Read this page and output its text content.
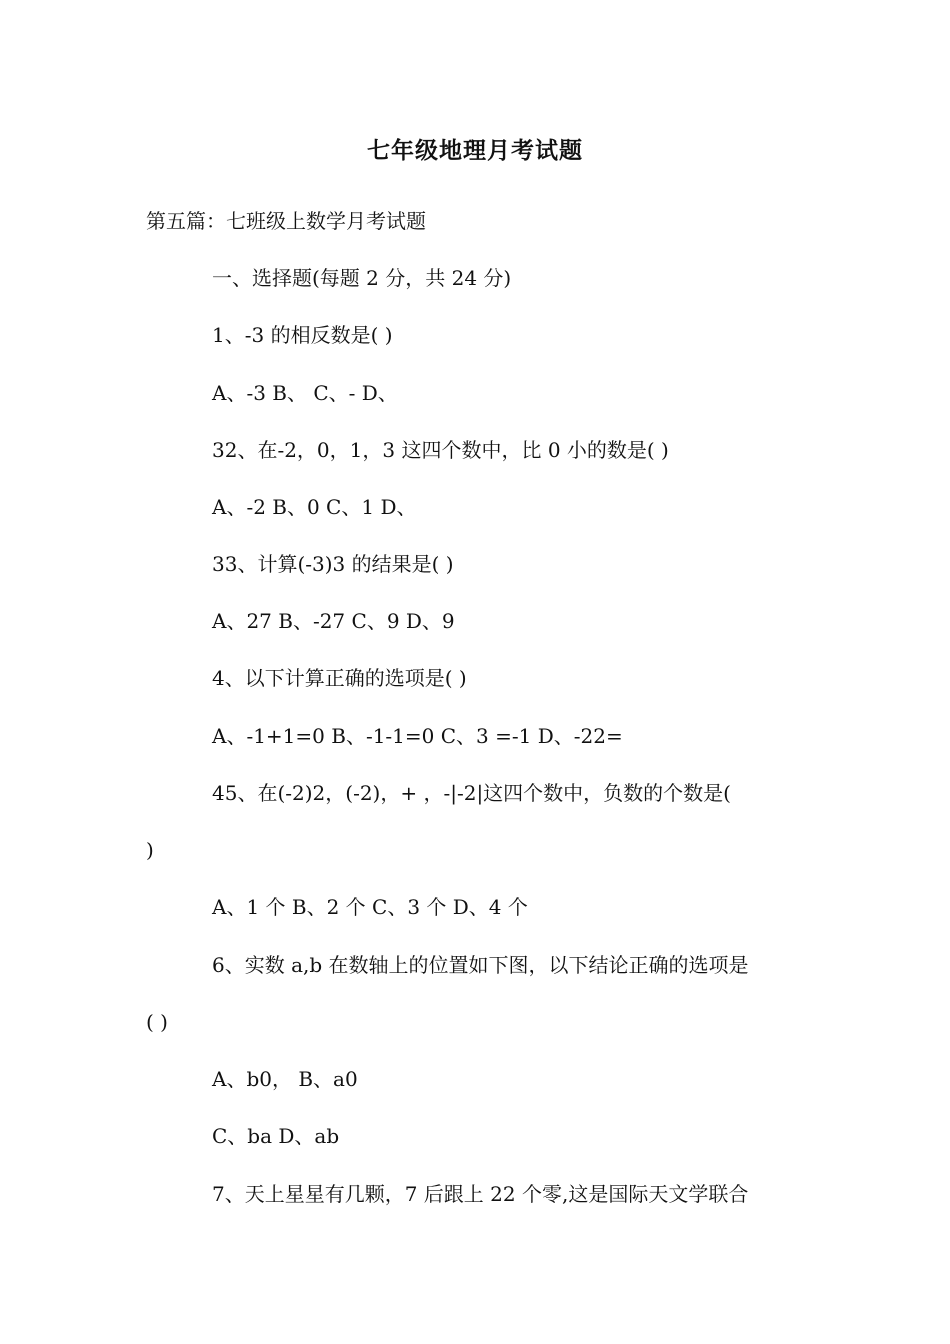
七年级地理月考试题
第五篇：七班级上数学月考试题
一、选择题(每题 2 分，共 24 分)
1、-3 的相反数是( )
A、-3 B、 C、- D、
32、在-2，0，1，3 这四个数中，比 0 小的数是( )
A、-2 B、0 C、1 D、
33、计算(-3)3 的结果是( )
A、27 B、-27 C、9 D、9
4、以下计算正确的选项是( )
A、-1+1=0 B、-1-1=0 C、3 =-1 D、-22=
45、在(-2)2，(-2)，+ ，-|-2|这四个数中，负数的个数是(
)
A、1 个 B、2 个 C、3 个 D、4 个
6、实数 a,b 在数轴上的位置如下图，以下结论正确的选项是
( )
A、b0， B、a0
C、ba D、ab
7、天上星星有几颗，7 后跟上 22 个零,这是国际天文学联合
